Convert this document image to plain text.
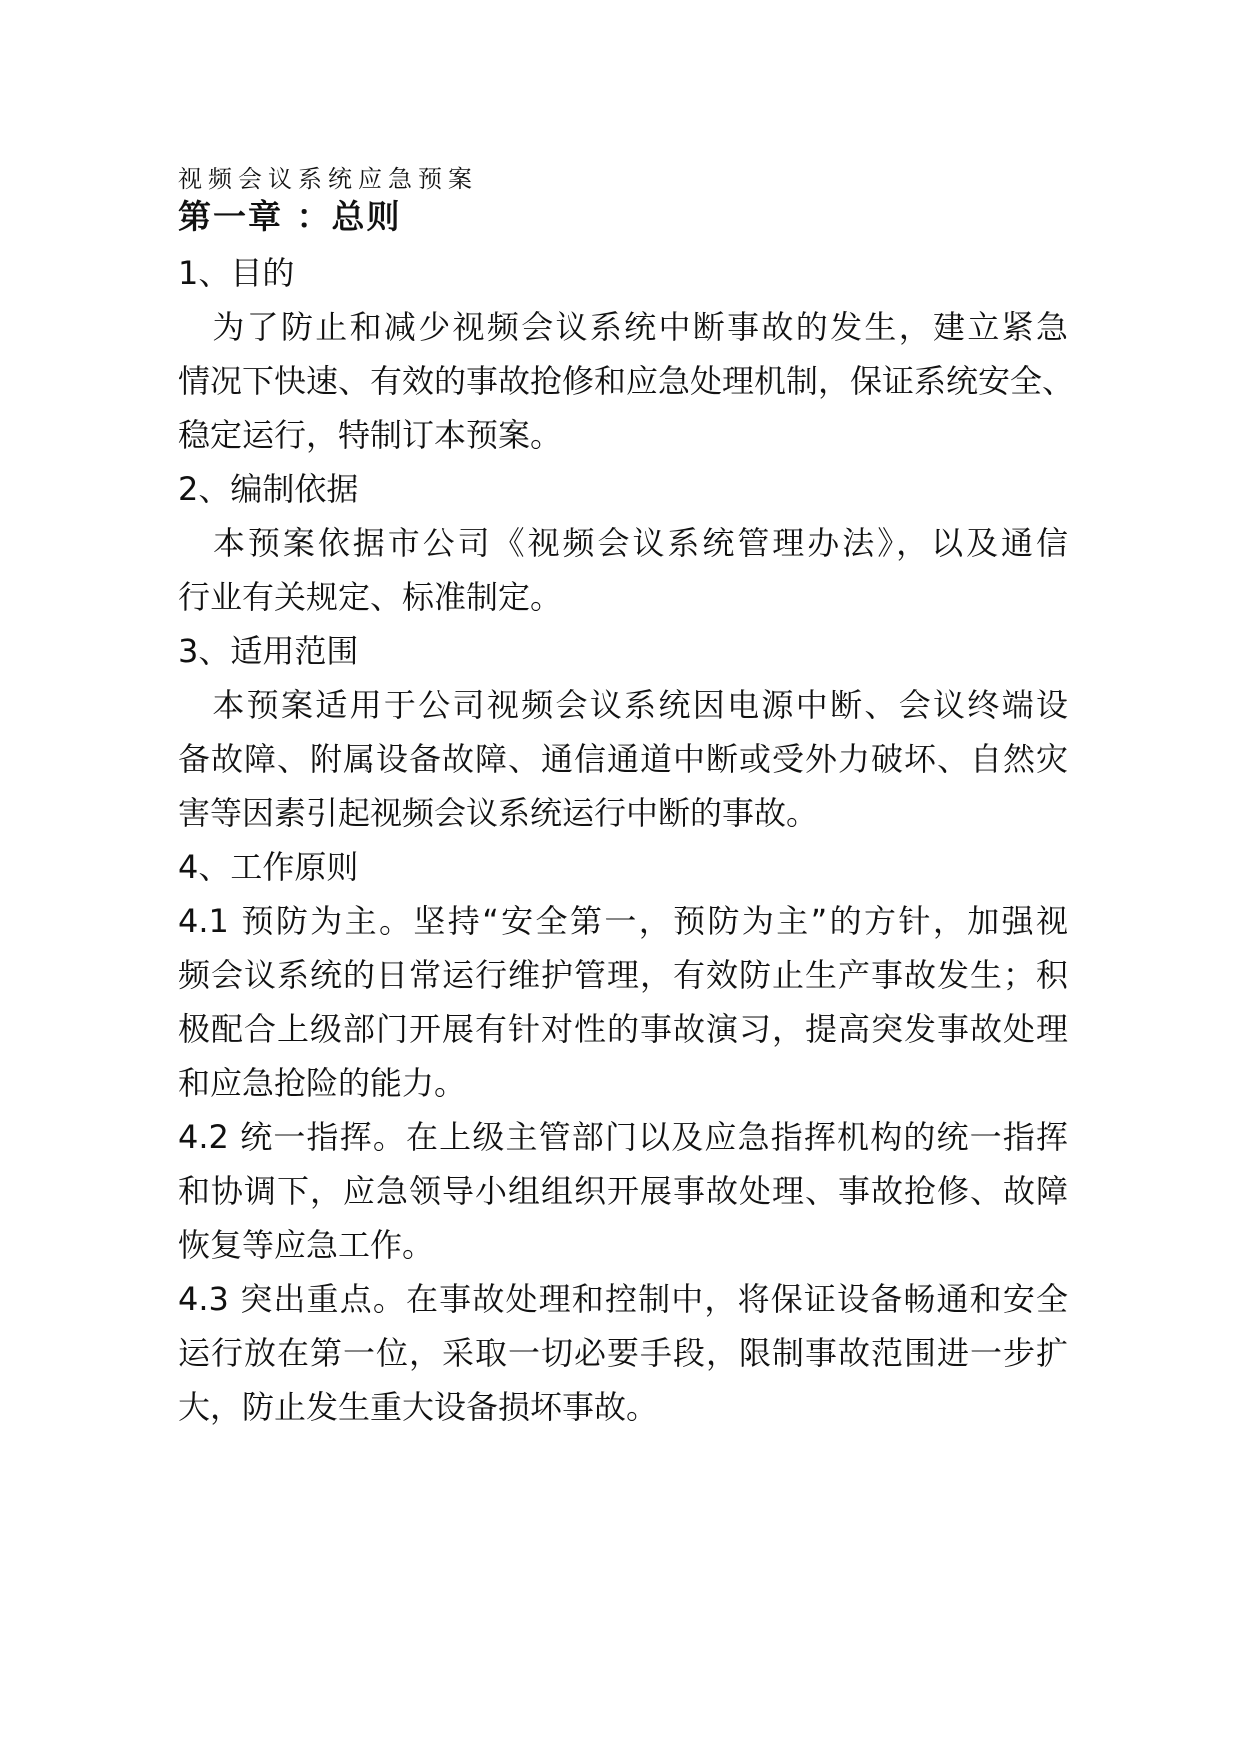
视频会议系统应急预案
第一章 ：总则
1、目的
　为了防止和减少视频会议系统中断事故的发生，建立紧急
情况下快速、有效的事故抢修和应急处理机制，保证系统安全、
稳定运行，特制订本预案。
2、编制依据
　本预案依据市公司《视频会议系统管理办法》，以及通信
行业有关规定、标准制定。
3、适用范围
　本预案适用于公司视频会议系统因电源中断、会议终端设
备故障、附属设备故障、通信通道中断或受外力破坏、自然灾
害等因素引起视频会议系统运行中断的事故。
4、工作原则
4.1 预防为主。坚持“安全第一，预防为主”的方针，加强视
频会议系统的日常运行维护管理，有效防止生产事故发生；积
极配合上级部门开展有针对性的事故演习，提高突发事故处理
和应急抢险的能力。
4.2 统一指挥。在上级主管部门以及应急指挥机构的统一指挥
和协调下，应急领导小组组织开展事故处理、事故抢修、故障
恢复等应急工作。
4.3 突出重点。在事故处理和控制中，将保证设备畅通和安全
运行放在第一位，采取一切必要手段，限制事故范围进一步扩
大，防止发生重大设备损坏事故。
